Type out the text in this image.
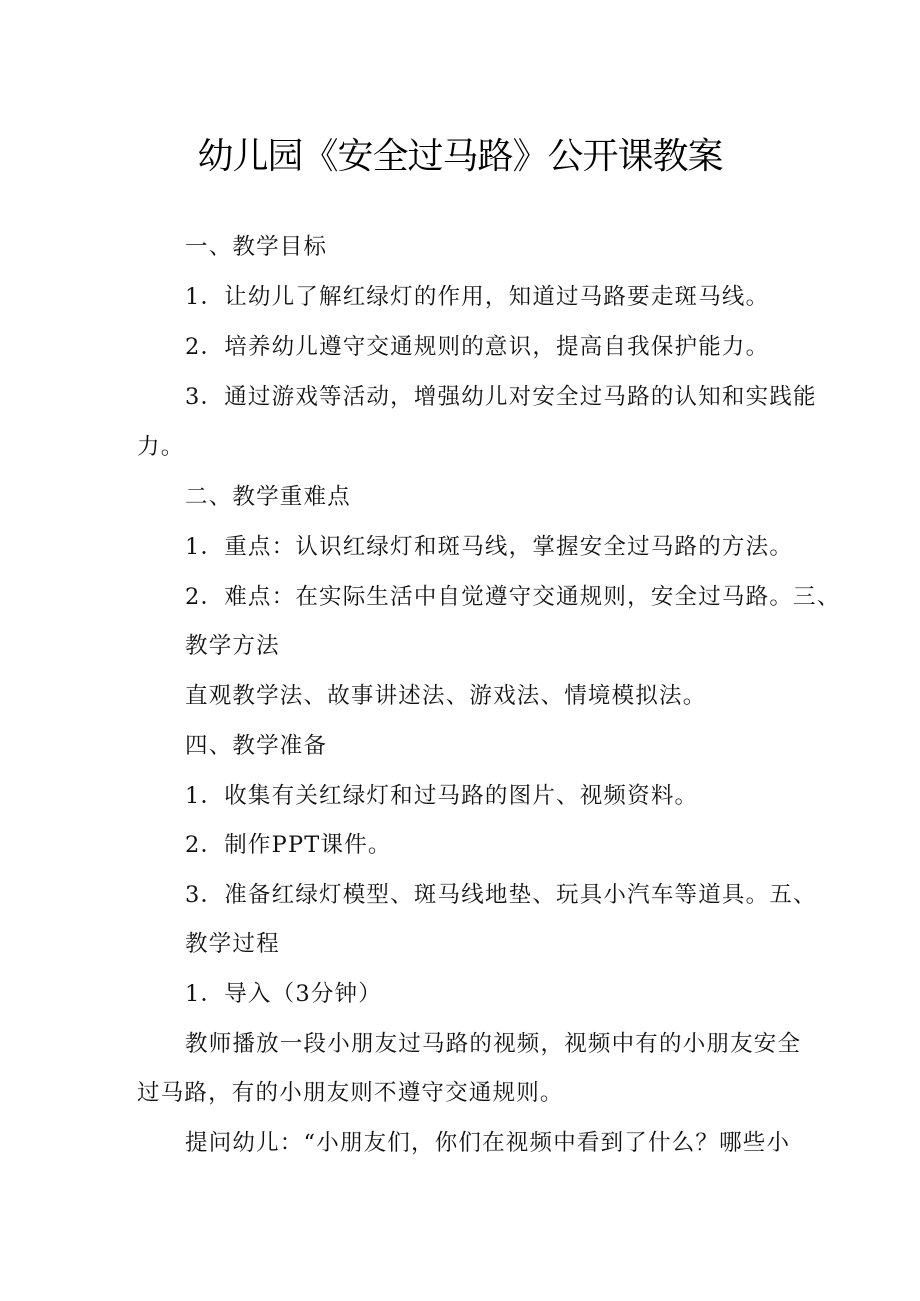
幼儿园《安全过马路》公开课教案
一、教学目标
1．让幼儿了解红绿灯的作用，知道过马路要走斑马线。
2．培养幼儿遵守交通规则的意识，提高自我保护能力。
3．通过游戏等活动，增强幼儿对安全过马路的认知和实践能
力。
二、教学重难点
1．重点：认识红绿灯和斑马线，掌握安全过马路的方法。
2．难点：在实际生活中自觉遵守交通规则，安全过马路。三、
教学方法
直观教学法、故事讲述法、游戏法、情境模拟法。
四、教学准备
1．收集有关红绿灯和过马路的图片、视频资料。
2．制作PPT课件。
3．准备红绿灯模型、斑马线地垫、玩具小汽车等道具。五、
教学过程
1．导入（3分钟）
教师播放一段小朋友过马路的视频，视频中有的小朋友安全
过马路，有的小朋友则不遵守交通规则。
提问幼儿：“小朋友们，你们在视频中看到了什么？哪些小
